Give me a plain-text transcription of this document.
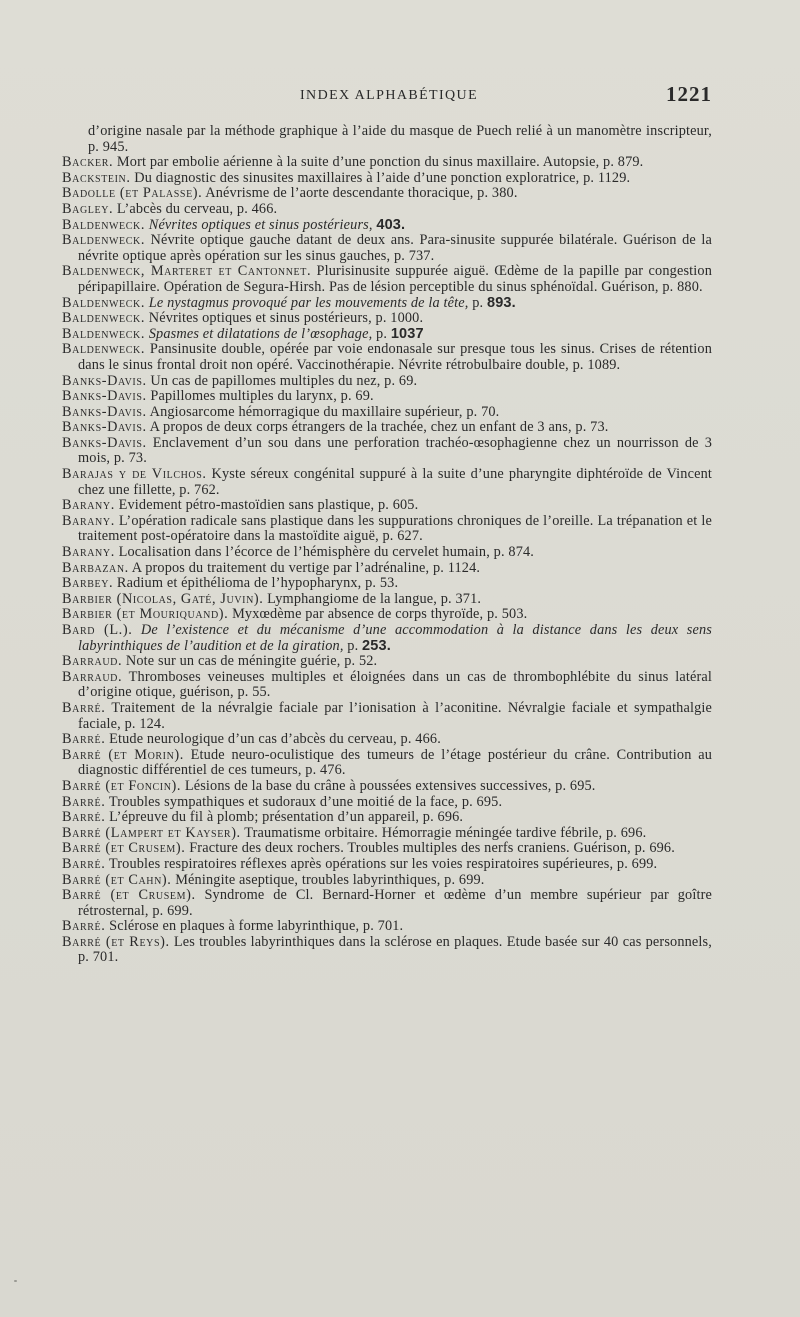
INDEX ALPHABÉTIQUE	1221
d’origine nasale par la méthode graphique à l’aide du masque de Puech relié à un manomètre inscripteur, p. 945.
Backer. Mort par embolie aérienne à la suite d’une ponction du sinus maxillaire. Autopsie, p. 879.
Backstein. Du diagnostic des sinusites maxillaires à l’aide d’une ponction exploratrice, p. 1129.
Badolle (et Palasse). Anévrisme de l’aorte descendante thoracique, p. 380.
Bagley. L’abcès du cerveau, p. 466.
Baldenweck. Névrites optiques et sinus postérieurs, 403.
Baldenweck. Névrite optique gauche datant de deux ans. Para-sinusite suppurée bilatérale. Guérison de la névrite optique après opération sur les sinus gauches, p. 737.
Baldenweck, Marteret et Cantonnet. Plurisinusite suppurée aiguë. Œdème de la papille par congestion péripapillaire. Opération de Segura-Hirsh. Pas de lésion perceptible du sinus sphénoïdal. Guérison, p. 880.
Baldenweck. Le nystagmus provoqué par les mouvements de la tête, p. 893.
Baldenweck. Névrites optiques et sinus postérieurs, p. 1000.
Baldenweck. Spasmes et dilatations de l’œsophage, p. 1037
Baldenweck. Pansinusite double, opérée par voie endonasale sur presque tous les sinus. Crises de rétention dans le sinus frontal droit non opéré. Vaccinothérapie. Névrite rétrobulbaire double, p. 1089.
Banks-Davis. Un cas de papillomes multiples du nez, p. 69.
Banks-Davis. Papillomes multiples du larynx, p. 69.
Banks-Davis. Angiosarcome hémorragique du maxillaire supérieur, p. 70.
Banks-Davis. A propos de deux corps étrangers de la trachée, chez un enfant de 3 ans, p. 73.
Banks-Davis. Enclavement d’un sou dans une perforation trachéo-œsophagienne chez un nourrisson de 3 mois, p. 73.
Barajas y de Vilchos. Kyste séreux congénital suppuré à la suite d’une pharyngite diphtéroïde de Vincent chez une fillette, p. 762.
Barany. Evidement pétro-mastoïdien sans plastique, p. 605.
Barany. L’opération radicale sans plastique dans les suppurations chroniques de l’oreille. La trépanation et le traitement post-opératoire dans la mastoïdite aiguë, p. 627.
Barany. Localisation dans l’écorce de l’hémisphère du cervelet humain, p. 874.
Barbazan. A propos du traitement du vertige par l’adrénaline, p. 1124.
Barbey. Radium et épithélioma de l’hypopharynx, p. 53.
Barbier (Nicolas, Gaté, Juvin). Lymphangiome de la langue, p. 371.
Barbier (et Mouriquand). Myxœdème par absence de corps thyroïde, p. 503.
Bard (L.). De l’existence et du mécanisme d’une accommodation à la distance dans les deux sens labyrinthiques de l’audition et de la giration, p. 253.
Barraud. Note sur un cas de méningite guérie, p. 52.
Barraud. Thromboses veineuses multiples et éloignées dans un cas de thrombophlébite du sinus latéral d’origine otique, guérison, p. 55.
Barré. Traitement de la névralgie faciale par l’ionisation à l’aconitine. Névralgie faciale et sympathalgie faciale, p. 124.
Barré. Etude neurologique d’un cas d’abcès du cerveau, p. 466.
Barré (et Morin). Etude neuro-oculistique des tumeurs de l’étage postérieur du crâne. Contribution au diagnostic différentiel de ces tumeurs, p. 476.
Barré (et Foncin). Lésions de la base du crâne à poussées extensives successives, p. 695.
Barré. Troubles sympathiques et sudoraux d’une moitié de la face, p. 695.
Barré. L’épreuve du fil à plomb; présentation d’un appareil, p. 696.
Barré (Lampert et Kayser). Traumatisme orbitaire. Hémorragie méningée tardive fébrile, p. 696.
Barré (et Crusem). Fracture des deux rochers. Troubles multiples des nerfs craniens. Guérison, p. 696.
Barré. Troubles respiratoires réflexes après opérations sur les voies respiratoires supérieures, p. 699.
Barré (et Cahn). Méningite aseptique, troubles labyrinthiques, p. 699.
Barré (et Crusem). Syndrome de Cl. Bernard-Horner et œdème d’un membre supérieur par goître rétrosternal, p. 699.
Barré. Sclérose en plaques à forme labyrinthique, p. 701.
Barré (et Reys). Les troubles labyrinthiques dans la sclérose en plaques. Etude basée sur 40 cas personnels, p. 701.
